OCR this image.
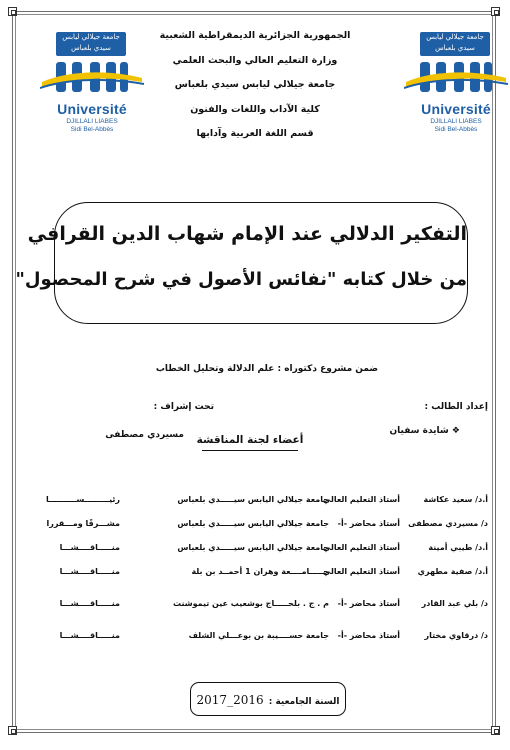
جامعة جيلالي ليابس سيدي بلعباس
Université
DJILLALI LIABES
Sidi Bel-Abbès
جامعة جيلالي ليابس سيدي بلعباس
Université
DJILLALI LIABES
Sidi Bel-Abbès
الجمهورية الجزائرية الديمقراطية الشعبية
وزارة التعليم العالي والبحث العلمي
جامعة جيلالي ليابس سيدي بلعباس
كلية الآداب واللغات والفنون
قسم اللغة العربية وآدابها
التفكير الدلالي عند الإمام شهاب الدين القرافي
من خلال كتابه "نفائس الأصول في شرح المحصول"
ضمن مشروع دكتوراه : علم الدلالة وتحليل الخطاب
إعداد الطالب :
❖ شايدة سفيان
تحت إشراف :
مسيردي مصطفى	أعضاء لجنة المناقشة
أ.د/ سعيد عكاشة
أستاذ التعليم العالي
جامعة جيلالي اليابس سيـــــدي بلعباس
رئيـــــــــســــــــــا
د/ مسيردي مصطفى
أستاذ محاضر -أ-
جامعة جيلالي اليابس سيـــــدي بلعباس
مشـــرفًا ومـــقررا
أ.د/ طيبي أمينة
أستاذ التعليم العالي
جامعة جيلالي اليابس سيـــــدي بلعباس
منـــــاقــــشـــا
أ.د/ صفية مطهري
أستاذ التعليم العالي
جـــــامــــعة وهران 1 أحمــد بن بلة
منـــــاقــــشـــا
د/ بلي عبد القادر
أستاذ محاضر -أ-
م . ج . بلحـــــاج بوشعيب عين تيموشنت
منـــــاقــــشـــا
د/ درقاوي مختار
أستاذ محاضر -أ-
جامعة حســــيبة بن بوعـــلي الشلف
منـــــاقــــشـــا
السنة الجامعية : 2016_2017
